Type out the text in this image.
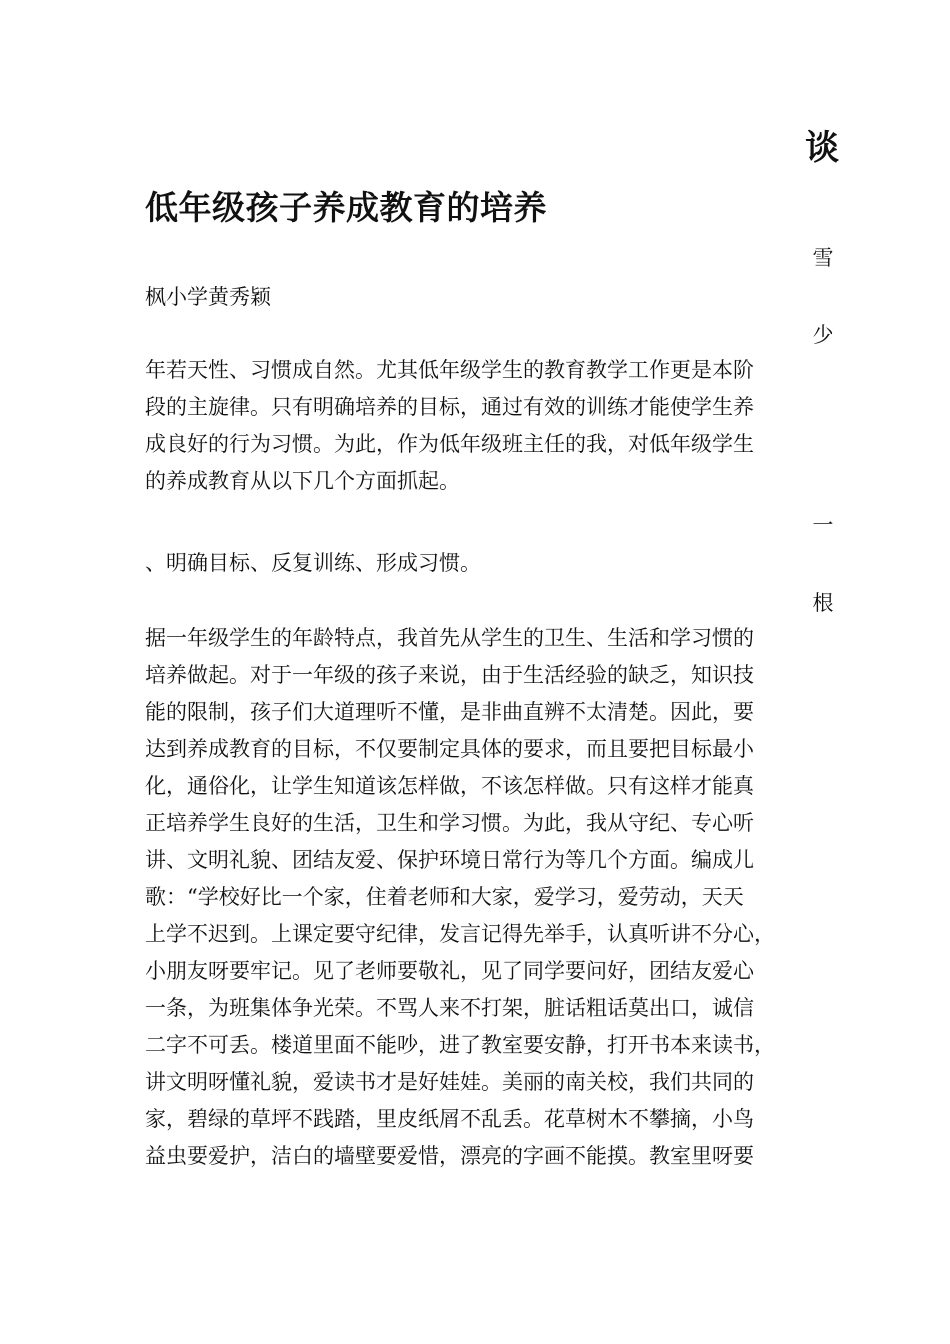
谈
雪
少
一
根
低年级孩子养成教育的培养
枫小学黄秀颖
年若天性、习惯成自然。尤其低年级学生的教育教学工作更是本阶
段的主旋律。只有明确培养的目标，通过有效的训练才能使学生养
成良好的行为习惯。为此，作为低年级班主任的我，对低年级学生
的养成教育从以下几个方面抓起。
、明确目标、反复训练、形成习惯。
据一年级学生的年龄特点，我首先从学生的卫生、生活和学习惯的
培养做起。对于一年级的孩子来说，由于生活经验的缺乏，知识技
能的限制，孩子们大道理听不懂，是非曲直辨不太清楚。因此，要
达到养成教育的目标，不仅要制定具体的要求，而且要把目标最小
化，通俗化，让学生知道该怎样做，不该怎样做。只有这样才能真
正培养学生良好的生活，卫生和学习惯。为此，我从守纪、专心听
讲、文明礼貌、团结友爱、保护环境日常行为等几个方面。编成儿
歌：“学校好比一个家，住着老师和大家，爱学习，爱劳动，天天
上学不迟到。上课定要守纪律，发言记得先举手，认真听讲不分心，
小朋友呀要牢记。见了老师要敬礼，见了同学要问好，团结友爱心
一条，为班集体争光荣。不骂人来不打架，脏话粗话莫出口，诚信
二字不可丢。楼道里面不能吵，进了教室要安静，打开书本来读书，
讲文明呀懂礼貌，爱读书才是好娃娃。美丽的南关校，我们共同的
家，碧绿的草坪不践踏，里皮纸屑不乱丢。花草树木不攀摘，小鸟
益虫要爱护，洁白的墙壁要爱惜，漂亮的字画不能摸。教室里呀要
